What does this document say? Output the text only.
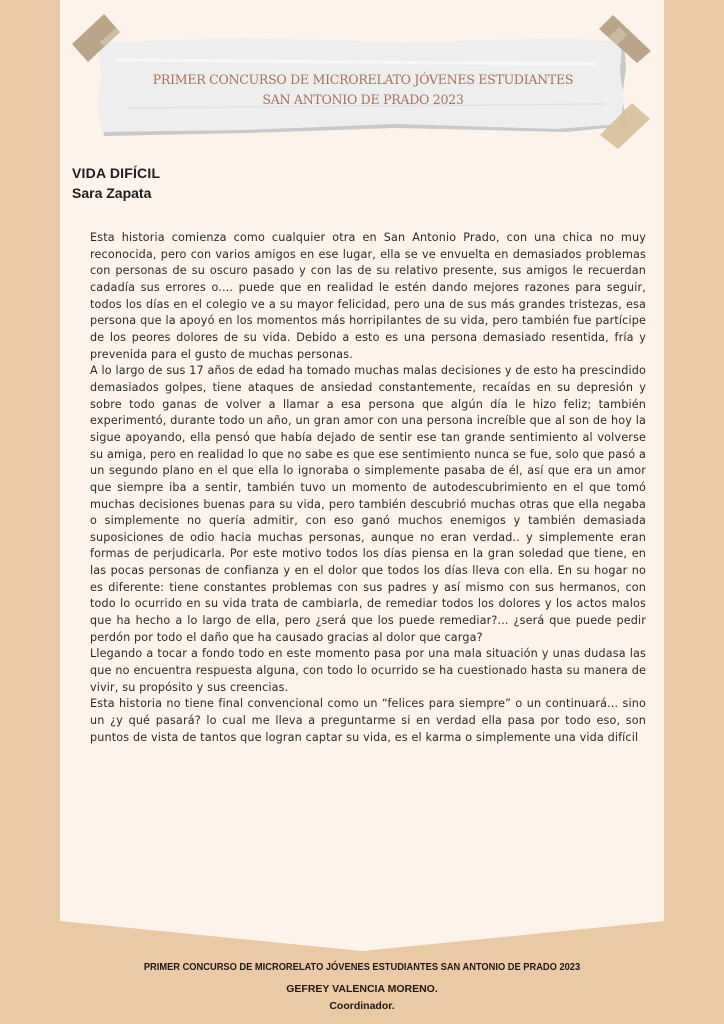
PRIMER CONCURSO DE MICRORELATO JÓVENES ESTUDIANTES
SAN ANTONIO DE PRADO 2023
VIDA DIFÍCIL

Sara Zapata

Esta historia comienza como cualquier otra en San Antonio Prado, con una chica no muy reconocida, pero con varios amigos en ese lugar, ella se ve envuelta en demasiados problemas con personas de su oscuro pasado y con las de su relativo presente, sus amigos le recuerdan cadadía sus errores o.... puede que en realidad le estén dando mejores razones para seguir, todos los días en el colegio ve a su mayor felicidad, pero una de sus más grandes tristezas, esa persona que la apoyó en los momentos más horripilantes de su vida, pero también fue partícipe de los peores dolores de su vida. Debido a esto es una persona demasiado resentida, fría y prevenida para el gusto de muchas personas.

A lo largo de sus 17 años de edad ha tomado muchas malas decisiones y de esto ha prescindido demasiados golpes, tiene ataques de ansiedad constantemente, recaídas en su depresión y sobre todo ganas de volver a llamar a esa persona que algún día le hizo feliz; también experimentó, durante todo un año, un gran amor con una persona increíble que al son de hoy la sigue apoyando, ella pensó que había dejado de sentir ese tan grande sentimiento al volverse su amiga, pero en realidad lo que no sabe es que ese sentimiento nunca se fue, solo que pasó a un segundo plano en el que ella lo ignoraba o simplemente pasaba de él, así que era un amor que siempre iba a sentir, también tuvo un momento de autodescubrimiento en el que tomó muchas decisiones buenas para su vida, pero también descubrió muchas otras que ella negaba o simplemente no quería admitir, con eso ganó muchos enemigos y también demasiada suposiciones de odio hacia muchas personas, aunque no eran verdad.. y simplemente eran formas de perjudicarla. Por este motivo todos los días piensa en la gran soledad que tiene, en las pocas personas de confianza y en el dolor que todos los días lleva con ella. En su hogar no es diferente: tiene constantes problemas con sus padres y así mismo con sus hermanos, con todo lo ocurrido en su vida trata de cambiarla, de remediar todos los dolores y los actos malos que ha hecho a lo largo de ella, pero ¿será que los puede remediar?... ¿será que puede pedir perdón por todo el daño que ha causado gracias al dolor que carga?

Llegando a tocar a fondo todo en este momento pasa por una mala situación y unas dudasa las que no encuentra respuesta alguna, con todo lo ocurrido se ha cuestionado hasta su manera de vivir, su propósito y sus creencias.

Esta historia no tiene final convencional como un “felices para siempre” o un continuará... sino un ¿y qué pasará? lo cual me lleva a preguntarme si en verdad ella pasa por todo eso, son puntos de vista de tantos que logran captar su vida, es el karma o simplemente una vida difícil

PRIMER CONCURSO DE MICRORELATO JÓVENES ESTUDIANTES SAN ANTONIO DE PRADO 2023

GEFREY VALENCIA MORENO.

Coordinador.
